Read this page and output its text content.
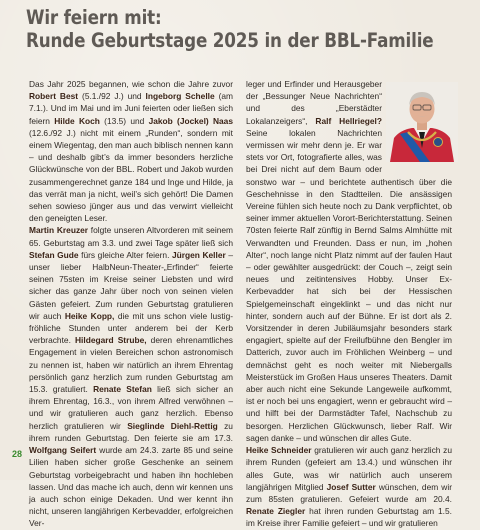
Wir feiern mit:
Runde Geburtstage 2025 in der BBL-Familie

Das Jahr 2025 begannen, wie schon die Jahre zuvor Robert Best (5.1./92 J.) und Ingeborg Schelle (am 7.1.). Und im Mai und im Juni feierten oder ließen sich feiern Hilde Koch (13.5) und Jakob (Jockel) Naas (12.6./92 J.) nicht mit einem „Runden“, sondern mit einem Wiegentag, den man auch biblisch nennen kann – und deshalb gibt’s da immer besonders herzliche Glückwünsche von der BBL. Robert und Jakob wurden zusammengerechnet ganze 184 und Inge und Hilde, ja das verrät man ja nicht, weil’s sich gehört! Die Damen sehen sowieso jünger aus und das verwirrt vielleicht den geneigten Leser.

Martin Kreuzer folgte unseren Altvorderen mit seinem 65. Geburtstag am 3.3. und zwei Tage später ließ sich Stefan Gude fürs gleiche Alter feiern. Jürgen Keller – unser lieber HalbNeun-Theater-„Erfinder“ feierte seinen 75sten im Kreise seiner Liebsten und wird sicher das ganze Jahr über noch von seinen vielen Gästen gefeiert. Zum runden Geburtstag gratulieren wir auch Heike Kopp, die mit uns schon viele lustig-fröhliche Stunden unter anderem bei der Kerb verbrachte. Hildegard Strube, deren ehrenamtliches Engagement in vielen Bereichen schon astronomisch zu nennen ist, haben wir natürlich an ihrem Ehrentag persönlich ganz herzlich zum runden Geburtstag am 15.3. gratuliert. Renate Stefan ließ sich sicher an ihrem Ehrentag, 16.3., von ihrem Alfred verwöhnen – und wir gratulieren auch ganz herzlich. Ebenso herzlich gratulieren wir Sieglinde Diehl-Rettig zu ihrem runden Geburtstag. Den feierte sie am 17.3. Wolfgang Seifert wurde am 24.3. zarte 85 und seine Lilien haben sicher große Geschenke an seinem Geburtstag vorbeigebracht und haben ihn hochleben lassen. Und das mache ich auch, denn wir kennen uns ja auch schon einige Dekaden. Und wer kennt ihn nicht, unseren langjährigen Kerbevadder, erfolgreichen Ver-

leger und Erfinder und Herausgeber der „Bessunger Neue Nachrichten“ und des „Eberstädter Lokalanzeigers“, Ralf Hellriegel? Seine lokalen Nachrichten vermissen wir mehr denn je. Er war stets vor Ort, fotografierte alles, was bei Drei nicht auf dem Baum oder sonstwo war – und berichtete authentisch über die Geschehnisse in den Stadtteilen. Die ansässigen Vereine fühlen sich heute noch zu Dank verpflichtet, ob seiner immer aktuellen Vorort-Berichterstattung. Seinen 70sten feierte Ralf zünftig in Bernd Salms Almhütte mit Verwandten und Freunden. Dass er nun, im „hohen Alter“, noch lange nicht Platz nimmt auf der faulen Haut – oder gewählter ausgedrückt: der Couch –, zeigt sein neues und zeitintensives Hobby. Unser Ex-Kerbevadder hat sich bei der Hessischen Spielgemeinschaft eingeklinkt – und das nicht nur hinter, sondern auch auf der Bühne. Er ist dort als 2. Vorsitzender in deren Jubiläumsjahr besonders stark engagiert, spielte auf der Freilufbühne den Bengler im Datterich, zuvor auch im Fröhlichen Weinberg – und demnächst geht es noch weiter mit Niebergalls Meisterstück im Großen Haus unseres Theaters. Damit aber auch nicht eine Sekunde Langeweile aufkommt, ist er noch bei uns engagiert, wenn er gebraucht wird – und hilft bei der Darmstädter Tafel, Nachschub zu besorgen. Herzlichen Glückwunsch, lieber Ralf. Wir sagen danke – und wünschen dir alles Gute.

Heike Schneider gratulieren wir auch ganz herzlich zu ihrem Runden (gefeiert am 13.4.) und wünschen ihr alles Gute, was wir natürlich auch unserem langjährigen Mitglied Josef Sutter wünschen, dem wir zum 85sten gratulieren. Gefeiert wurde am 20.4. Renate Ziegler hat ihren runden Geburtstag am 1.5. im Kreise ihrer Familie gefeiert – und wir gratulieren

28
